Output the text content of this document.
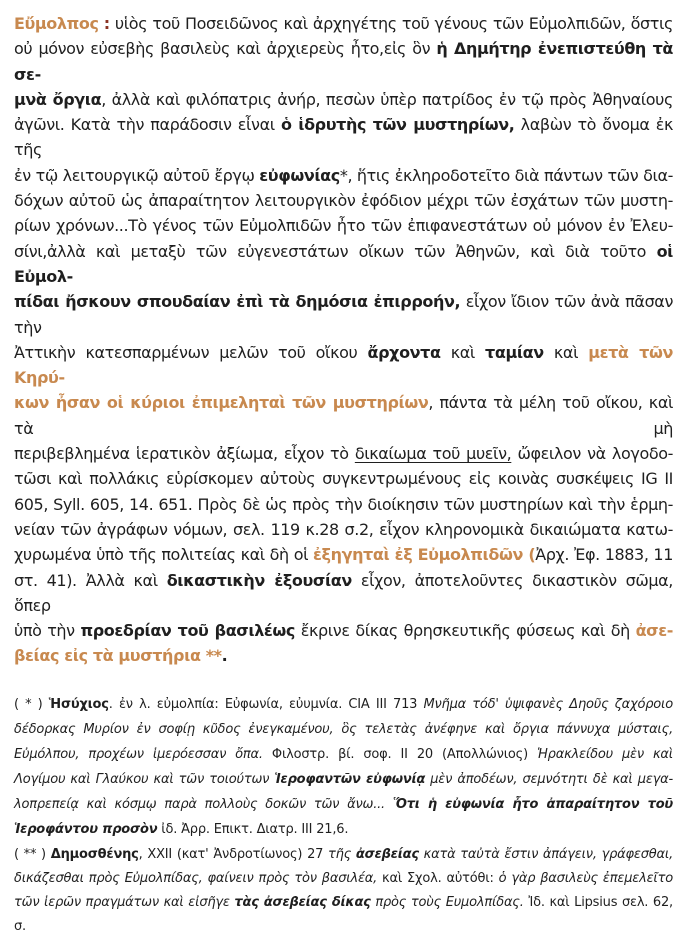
Εὔμολπος : υἱὸς τοῦ Ποσειδῶνος καὶ ἀρχηγέτης τοῦ γένους τῶν Εὐμολπιδῶν, ὅστις
οὐ μόνον εὐσεβὴς βασιλεὺς καὶ ἀρχιερεὺς ἦτο,εἰς ὃν ἡ Δημήτηρ ἐνεπιστεύθη τὰ σε-
μνὰ ὄργια, ἀλλὰ καὶ φιλόπατρις ἀνήρ, πεσὼν ὑπὲρ πατρίδος ἐν τῷ πρὸς Ἀθηναίους
ἀγῶνι. Κατὰ τὴν παράδοσιν εἶναι ὁ ἱδρυτὴς τῶν μυστηρίων, λαβὼν τὸ ὄνομα ἐκ τῆς
ἐν τῷ λειτουργικῷ αὐτοῦ ἔργῳ εὐφωνίας*, ἥτις ἐκληροδοτεῖτο διὰ πάντων τῶν δια-
δόχων αὐτοῦ ὡς ἀπαραίτητον λειτουργικὸν ἐφόδιον μέχρι τῶν ἐσχάτων τῶν μυστη-
ρίων χρόνων...Τὸ γένος τῶν Εὐμολπιδῶν ἦτο τῶν ἐπιφανεστάτων οὐ μόνον ἐν Ἐλευ-
σίνι,ἀλλὰ καὶ μεταξὺ τῶν εὐγενεστάτων οἴκων τῶν Ἀθηνῶν, καὶ διὰ τοῦτο οἱ Εὐμολ-
πίδαι ἤσκουν σπουδαίαν ἐπὶ τὰ δημόσια ἐπιρροήν, εἶχον ἴδιον τῶν ἀνὰ πᾶσαν τὴν
Ἀττικὴν κατεσπαρμένων μελῶν τοῦ οἴκου ἄρχοντα καὶ ταμίαν καὶ μετὰ τῶν Κηρύ-
κων ἦσαν οἱ κύριοι ἐπιμεληταὶ τῶν μυστηρίων, πάντα τὰ μέλη τοῦ οἴκου, καὶ τὰ μὴ
περιβεβλημένα ἱερατικὸν ἀξίωμα, εἶχον τὸ δικαίωμα τοῦ μυεῖν, ὤφειλον νὰ λογοδο-
τῶσι καὶ πολλάκις εὑρίσκομεν αὐτοὺς συγκεντρωμένους εἰς κοινὰς συσκέψεις IG II
605, Syll. 605, 14. 651. Πρὸς δὲ ὡς πρὸς τὴν διοίκησιν τῶν μυστηρίων καὶ τὴν ἑρμη-
νείαν τῶν ἀγράφων νόμων, σελ. 119 κ.28 σ.2, εἶχον κληρονομικὰ δικαιώματα κατω-
χυρωμένα ὑπὸ τῆς πολιτείας καὶ δὴ οἱ ἐξηγηταὶ ἐξ Εὐμολπιδῶν (Ἀρχ. Ἐφ. 1883, 11
στ. 41). Ἀλλὰ καὶ δικαστικὴν ἐξουσίαν εἶχον, ἀποτελοῦντες δικαστικὸν σῶμα, ὅπερ
ὑπὸ τὴν προεδρίαν τοῦ βασιλέως ἔκρινε δίκας θρησκευτικῆς φύσεως καὶ δὴ ἀσε-
βείας εἰς τὰ μυστήρια **.
( * ) Ἡσύχιος. ἐν λ. εὐμολπία: Εὐφωνία, εὐυμνία. CIA III 713 Μνῆμα τόδ' ὑψιφανὲς Δηοῦς ζαχόροιο
δέδορκας Μυρίον ἐν σοφίῃ κῦδος ἐνεγκαμένου, ὃς τελετὰς ἀνέφηνε καὶ ὄργια πάννυχα μύσταις,
Εὐμόλπου, προχέων ἱμερόεσσαν ὄπα. Φιλοστρ. βί. σοφ. II 20 (Απολλώνιος) Ἡρακλείδου μὲν καὶ
Λογίμου καὶ Γλαύκου καὶ τῶν τοιούτων Ἱεροφαντῶν εὐφωνίᾳ μὲν ἀποδέων, σεμνότητι δὲ καὶ μεγα-
λοπρεπείᾳ καὶ κόσμῳ παρὰ πολλοὺς δοκῶν τῶν ἄνω... Ὅτι ἡ εὐφωνία ἦτο ἀπαραίτητον τοῦ
Ἱεροφάντου προσὸν ἰδ. Ἀρρ. Επικτ. Διατρ. III 21,6.
( ** ) Δημοσθένης, XXII (κατ' Ἀνδροτίωνος) 27 τῆς ἀσεβείας κατὰ ταὐτὰ ἔστιν ἀπάγειν, γράφεσθαι,
δικάζεσθαι πρὸς Εὐμολπίδας, φαίνειν πρὸς τὸν βασιλέα, καὶ Σχολ. αὐτόθι: ὁ γὰρ βασιλεὺς ἐπεμελεῖτο
τῶν ἱερῶν πραγμάτων καὶ εἰσῆγε τὰς ἀσεβείας δίκας πρὸς τοὺς Ευμολπίδας. Ἰδ. καὶ Lipsius σελ. 62, σ.
